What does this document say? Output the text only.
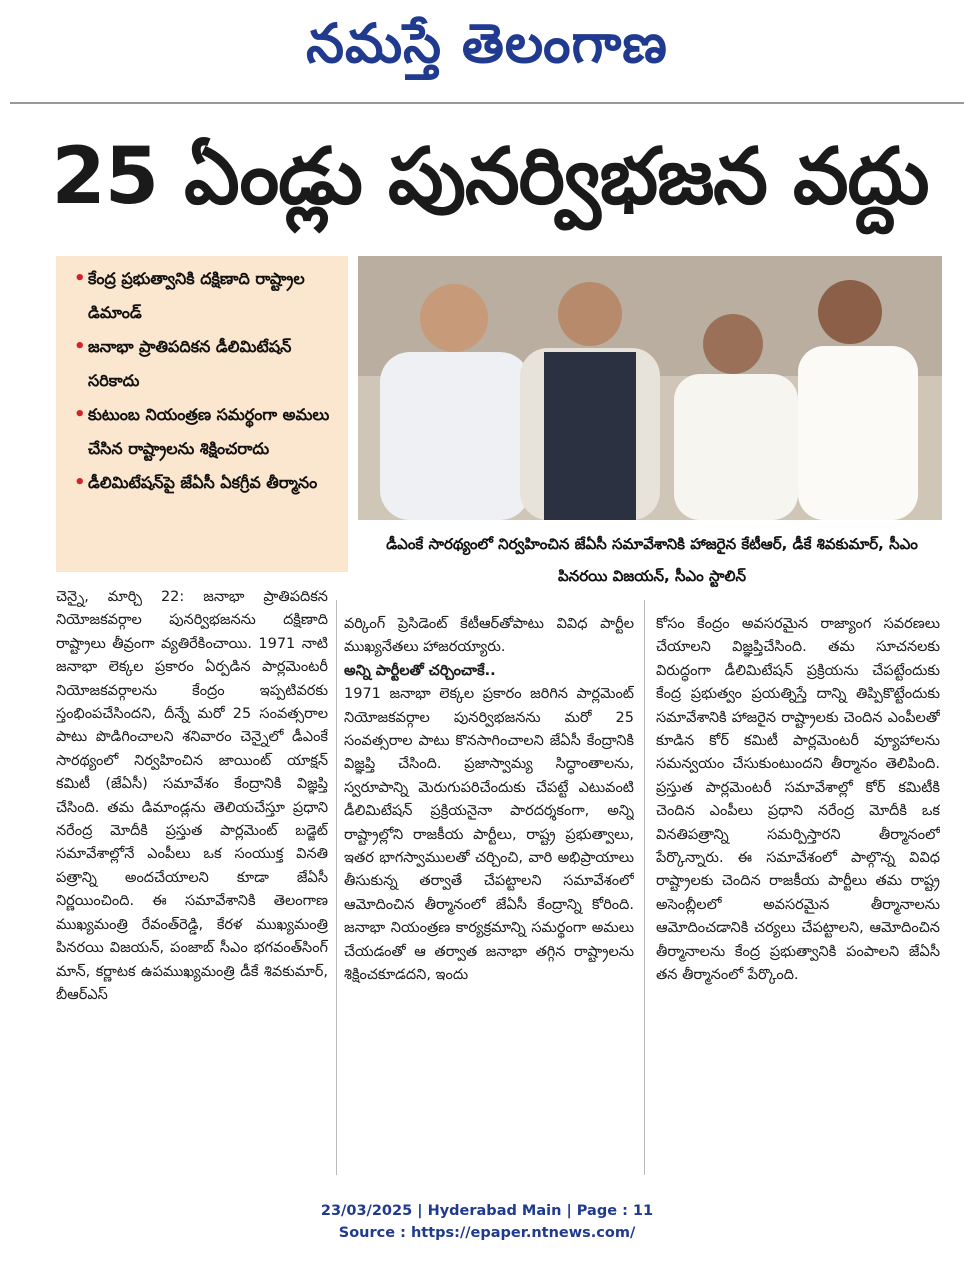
నమస్తే తెలంగాణ
25 ఏండ్లు పునర్విభజన వద్దు
• కేంద్ర ప్రభుత్వానికి దక్షిణాది రాష్ట్రాల డిమాండ్
• జనాభా ప్రాతిపదికన డీలిమిటేషన్ సరికాదు
• కుటుంబ నియంత్రణ సమర్థంగా అమలు చేసిన రాష్ట్రాలను శిక్షించరాదు
• డీలిమిటేషన్‌పై జేఏసీ ఏకగ్రీవ తీర్మానం
డీఎంకే సారథ్యంలో నిర్వహించిన జేఏసీ సమావేశానికి హాజరైన కేటీఆర్, డీకే శివకుమార్, సీఎం పినరయి విజయన్, సీఎం స్టాలిన్

చెన్నై, మార్చి 22: జనాభా ప్రాతిపదికన నియోజకవర్గాల పునర్విభజనను దక్షిణాది రాష్ట్రాలు తీవ్రంగా వ్యతిరేకించాయి. 1971 నాటి జనాభా లెక్కల ప్రకారం ఏర్పడిన పార్లమెంటరీ నియోజకవర్గాలను కేంద్రం ఇప్పటివరకు స్తంభింపచేసిందని, దీన్నే మరో 25 సంవత్సరాల పాటు పొడిగించాలని శనివారం చెన్నైలో డీఎంకే సారథ్యంలో నిర్వహించిన జాయింట్ యాక్షన్ కమిటీ (జేఏసీ) సమావేశం కేంద్రానికి విజ్ఞప్తి చేసింది. తమ డిమాండ్లను తెలియచేస్తూ ప్రధాని నరేంద్ర మోదీకి ప్రస్తుత పార్లమెంట్ బడ్జెట్ సమావేశాల్లోనే ఎంపీలు ఒక సంయుక్త వినతి పత్రాన్ని అందచేయాలని కూడా జేఏసీ నిర్ణయించింది. ఈ సమావేశానికి తెలంగాణ ముఖ్యమంత్రి రేవంత్‌రెడ్డి, కేరళ ముఖ్యమంత్రి పినరయి విజయన్, పంజాబ్ సీఎం భగవంత్‌సింగ్ మాన్, కర్ణాటక ఉపముఖ్యమంత్రి డీకే శివకుమార్, బీఆర్‌ఎస్

వర్కింగ్ ప్రెసిడెంట్ కేటీఆర్‌తోపాటు వివిధ పార్టీల ముఖ్యనేతలు హాజరయ్యారు.

అన్ని పార్టీలతో చర్చించాకే..

1971 జనాభా లెక్కల ప్రకారం జరిగిన పార్లమెంట్ నియోజకవర్గాల పునర్విభజనను మరో 25 సంవత్సరాల పాటు కొనసాగించాలని జేఏసీ కేంద్రానికి విజ్ఞప్తి చేసింది. ప్రజాస్వామ్య సిద్ధాంతాలను, స్వరూపాన్ని మెరుగుపరిచేందుకు చేపట్టే ఎటువంటి డీలిమిటేషన్ ప్రక్రియనైనా పారదర్శకంగా, అన్ని రాష్ట్రాల్లోని రాజకీయ పార్టీలు, రాష్ట్ర ప్రభుత్వాలు, ఇతర భాగస్వాములతో చర్చించి, వారి అభిప్రాయాలు తీసుకున్న తర్వాతే చేపట్టాలని సమావేశంలో ఆమోదించిన తీర్మానంలో జేఏసీ కేంద్రాన్ని కోరింది. జనాభా నియంత్రణ కార్యక్రమాన్ని సమర్థంగా అమలు చేయడంతో ఆ తర్వాత జనాభా తగ్గిన రాష్ట్రాలను శిక్షించకూడదని, ఇందు

కోసం కేంద్రం అవసరమైన రాజ్యాంగ సవరణలు చేయాలని విజ్ఞప్తిచేసింది. తమ సూచనలకు విరుద్ధంగా డీలిమిటేషన్ ప్రక్రియను చేపట్టేందుకు కేంద్ర ప్రభుత్వం ప్రయత్నిస్తే దాన్ని తిప్పికొట్టేందుకు సమావేశానికి హాజరైన రాష్ట్రాలకు చెందిన ఎంపీలతో కూడిన కోర్ కమిటీ పార్లమెంటరీ వ్యూహాలను సమన్వయం చేసుకుంటుందని తీర్మానం తెలిపింది. ప్రస్తుత పార్లమెంటరీ సమావేశాల్లో కోర్ కమిటీకి చెందిన ఎంపీలు ప్రధాని నరేంద్ర మోదీకి ఒక వినతిపత్రాన్ని సమర్పిస్తారని తీర్మానంలో పేర్కొన్నారు. ఈ సమావేశంలో పాల్గొన్న వివిధ రాష్ట్రాలకు చెందిన రాజకీయ పార్టీలు తమ రాష్ట్ర అసెంబ్లీలలో అవసరమైన తీర్మానాలను ఆమోదించడానికి చర్యలు చేపట్టాలని, ఆమోదించిన తీర్మానాలను కేంద్ర ప్రభుత్వానికి పంపాలని జేఏసీ తన తీర్మానంలో పేర్కొంది.

23/03/2025 | Hyderabad Main | Page : 11
Source : https://epaper.ntnews.com/
